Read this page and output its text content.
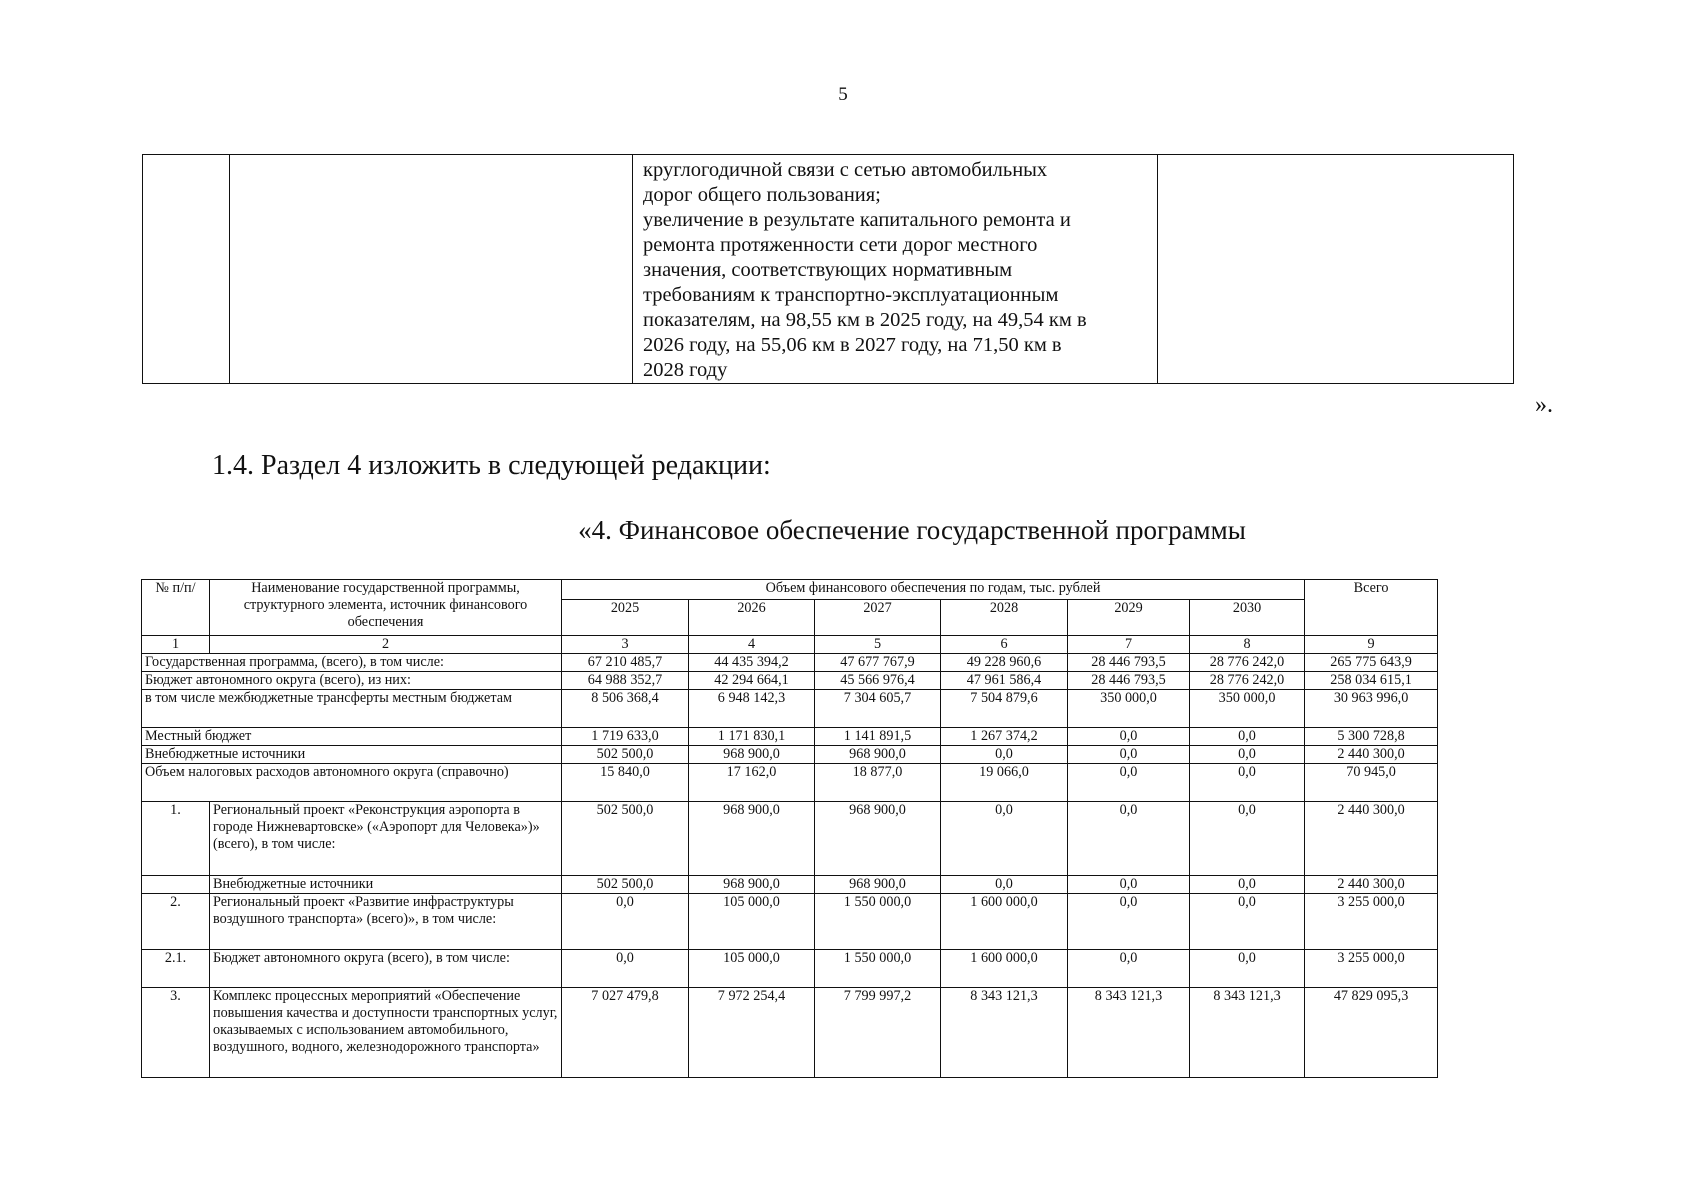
5

круглогодичной связи с сетью автомобильных
дорог общего пользования;
увеличение в результате капитального ремонта и
ремонта протяженности сети дорог местного
значения, соответствующих нормативным
требованиям к транспортно-эксплуатационным
показателям, на 98,55 км в 2025 году, на 49,54 км в
2026 году, на 55,06 км в 2027 году, на 71,50 км в
2028 году

».
1.4. Раздел 4 изложить в следующей редакции:
«4. Финансовое обеспечение государственной программы
№ п/п/	Наименование государственной программы, структурного элемента, источник финансового обеспечения	Объем финансового обеспечения по годам, тыс. рублей						Всего
		2025	2026	2027	2028	2029	2030	
1	2	3	4	5	6	7	8	9
Государственная программа, (всего), в том числе:		67 210 485,7	44 435 394,2	47 677 767,9	49 228 960,6	28 446 793,5	28 776 242,0	265 775 643,9
Бюджет автономного округа (всего), из них:		64 988 352,7	42 294 664,1	45 566 976,4	47 961 586,4	28 446 793,5	28 776 242,0	258 034 615,1
в том числе межбюджетные трансферты местным бюджетам		8 506 368,4	6 948 142,3	7 304 605,7	7 504 879,6	350 000,0	350 000,0	30 963 996,0
Местный бюджет		1 719 633,0	1 171 830,1	1 141 891,5	1 267 374,2	0,0	0,0	5 300 728,8
Внебюджетные источники		502 500,0	968 900,0	968 900,0	0,0	0,0	0,0	2 440 300,0
Объем налоговых расходов автономного округа (справочно)		15 840,0	17 162,0	18 877,0	19 066,0	0,0	0,0	70 945,0
1.	Региональный проект «Реконструкция аэропорта в городе Нижневартовске» («Аэропорт для Человека»)» (всего), в том числе:	502 500,0	968 900,0	968 900,0	0,0	0,0	0,0	2 440 300,0
	Внебюджетные источники	502 500,0	968 900,0	968 900,0	0,0	0,0	0,0	2 440 300,0
2.	Региональный проект «Развитие инфраструктуры воздушного транспорта» (всего)», в том числе:	0,0	105 000,0	1 550 000,0	1 600 000,0	0,0	0,0	3 255 000,0
2.1.	Бюджет автономного округа (всего), в том числе:	0,0	105 000,0	1 550 000,0	1 600 000,0	0,0	0,0	3 255 000,0
3.	Комплекс процессных мероприятий «Обеспечение повышения качества и доступности транспортных услуг, оказываемых с использованием автомобильного, воздушного, водного, железнодорожного транспорта»	7 027 479,8	7 972 254,4	7 799 997,2	8 343 121,3	8 343 121,3	8 343 121,3	47 829 095,3
